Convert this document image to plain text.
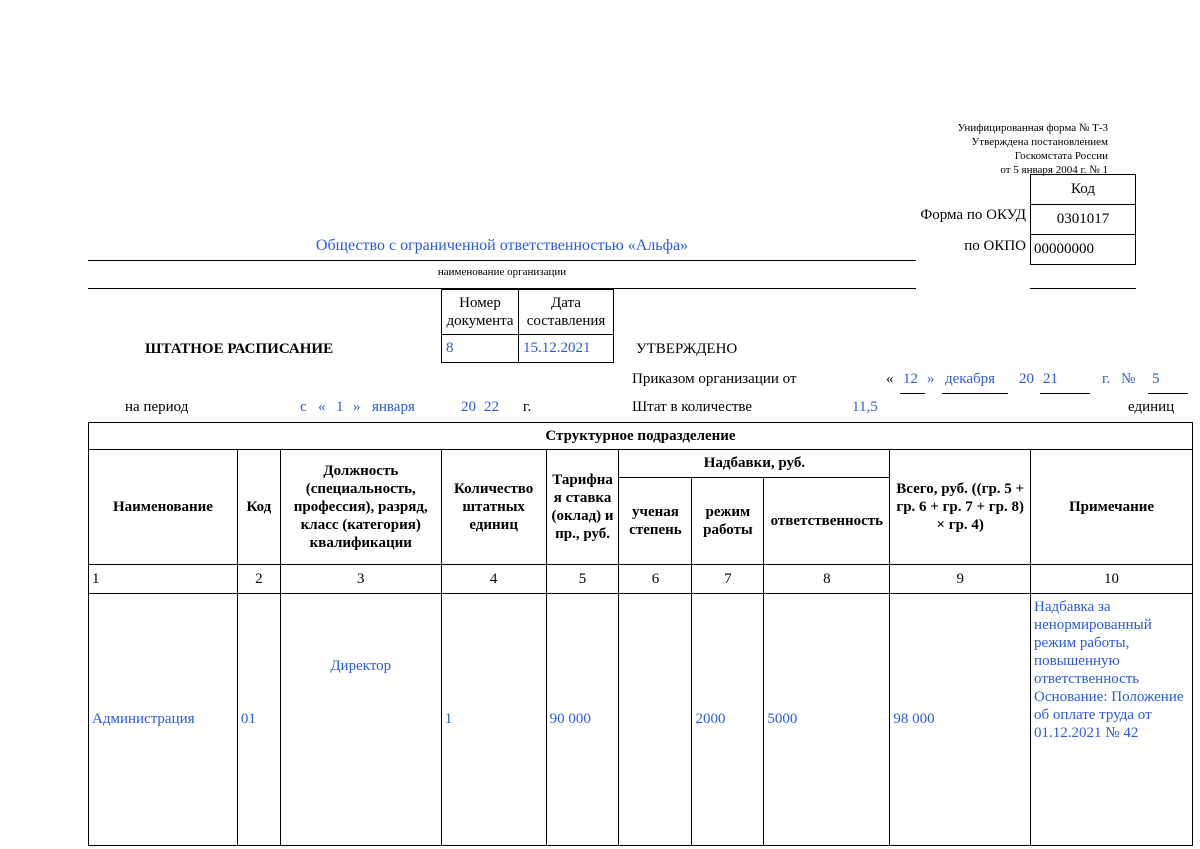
Унифицированная форма № Т-3
Утверждена постановлением
Госкомстата России
от 5 января 2004 г. № 1
Код
0301017
00000000
Форма по ОКУД
по ОКПО
Общество с ограниченной ответственностью «Альфа»
наименование организации
ШТАТНОЕ РАСПИСАНИЕ
Номер документа	Дата составления
8	15.12.2021	УТВЕРЖДЕНО
Приказом организации от	« 12 » декабря 20 21	г. № 5
на период	с « 1 » января	20 22 г.	Штат в количестве	11,5	единиц
Структурное подразделение									
Наименование	Код	Должность (специальность, профессия), разряд, класс (категория) квалификации	Количество штатных единиц	Тарифная ставка (оклад) и пр., руб.	Надбавки, руб.			Всего, руб. ((гр. 5 + гр. 6 + гр. 7 + гр. 8) × гр. 4)	Примечание
					ученая степень	режим работы	ответственность		
1	2	3	4	5	6	7	8	9	10
Администрация	01	Директор	1	90 000		2000	5000	98 000	Надбавка за ненормированный режим работы, повышенную ответственность Основание: Положение об оплате труда от 01.12.2021 № 42
